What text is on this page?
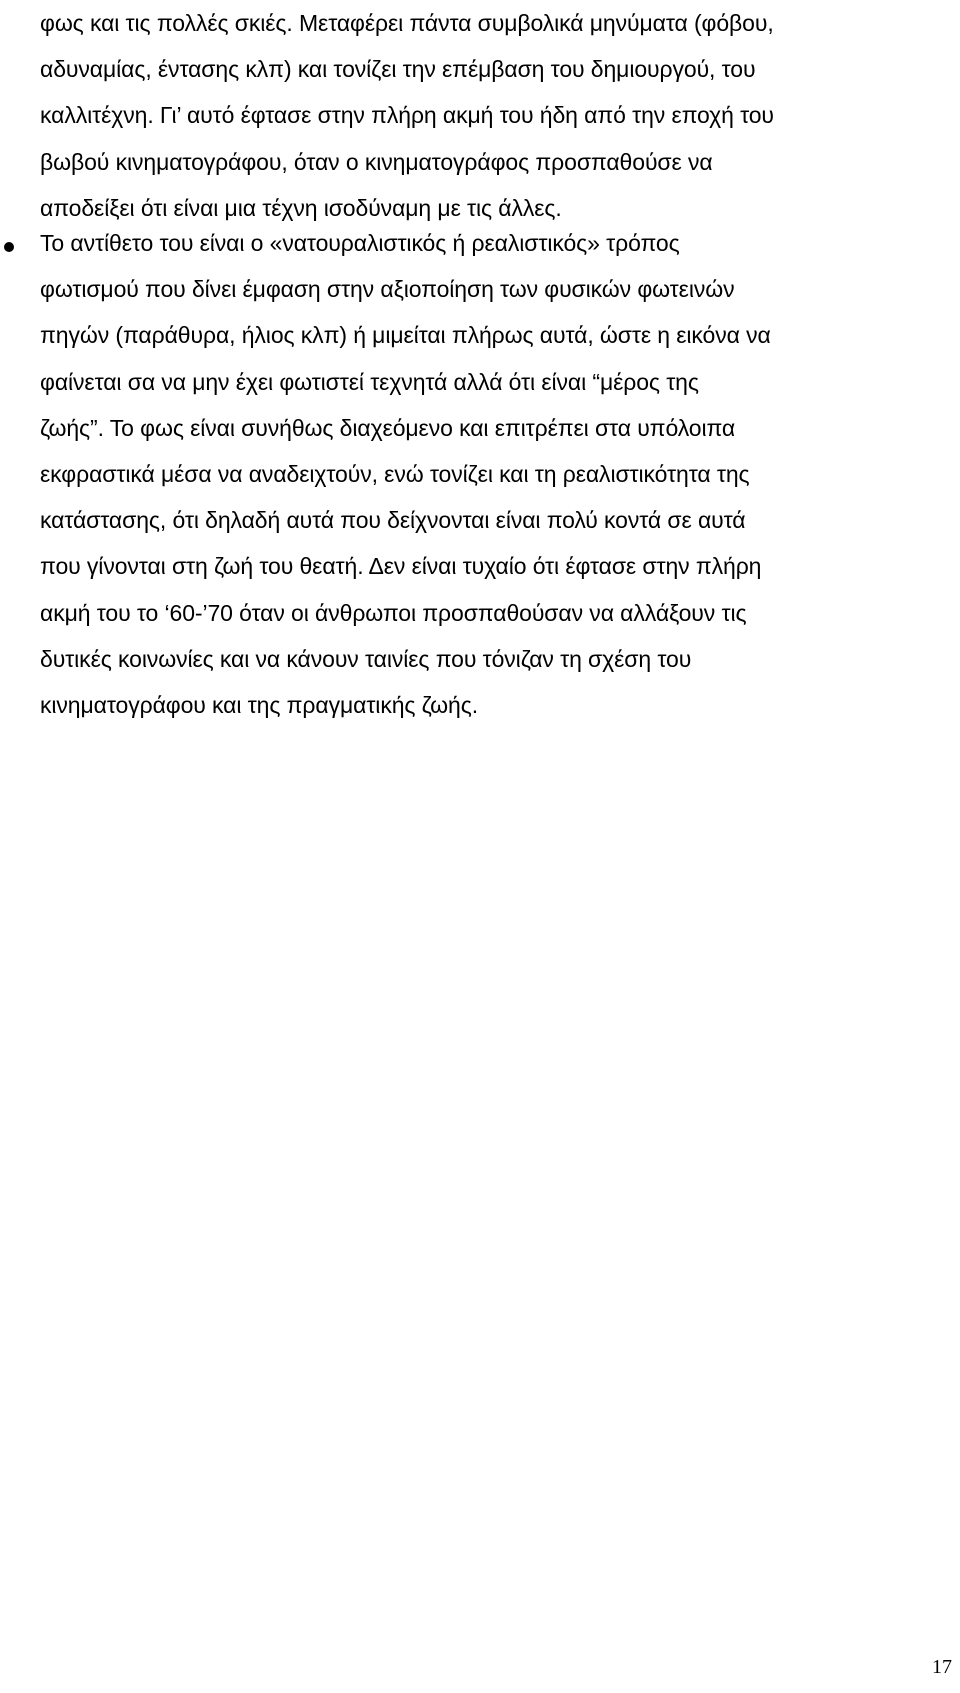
φως και τις πολλές σκιές. Μεταφέρει πάντα συμβολικά μηνύματα (φόβου,
αδυναμίας, έντασης κλπ) και τονίζει την επέμβαση του δημιουργού, του
καλλιτέχνη. Γι’ αυτό έφτασε στην πλήρη ακμή του ήδη από την εποχή του
βωβού κινηματογράφου, όταν ο κινηματογράφος προσπαθούσε να
αποδείξει ότι είναι μια τέχνη ισοδύναμη με τις άλλες.
Το αντίθετο του είναι ο «νατουραλιστικός ή ρεαλιστικός» τρόπος
φωτισμού που δίνει έμφαση στην αξιοποίηση των φυσικών φωτεινών
πηγών (παράθυρα, ήλιος κλπ) ή μιμείται πλήρως αυτά, ώστε η εικόνα να
φαίνεται σα να μην έχει φωτιστεί τεχνητά αλλά ότι είναι “μέρος της
ζωής”. Το φως είναι συνήθως διαχεόμενο και επιτρέπει στα υπόλοιπα
εκφραστικά μέσα να αναδειχτούν, ενώ τονίζει και τη ρεαλιστικότητα της
κατάστασης, ότι δηλαδή αυτά που δείχνονται είναι πολύ κοντά σε αυτά
που γίνονται στη ζωή του θεατή. Δεν είναι τυχαίο ότι έφτασε στην πλήρη
ακμή του το ‘60-’70 όταν οι άνθρωποι προσπαθούσαν να αλλάξουν τις
δυτικές κοινωνίες και να κάνουν ταινίες που τόνιζαν τη σχέση του
κινηματογράφου και της πραγματικής ζωής.
17
